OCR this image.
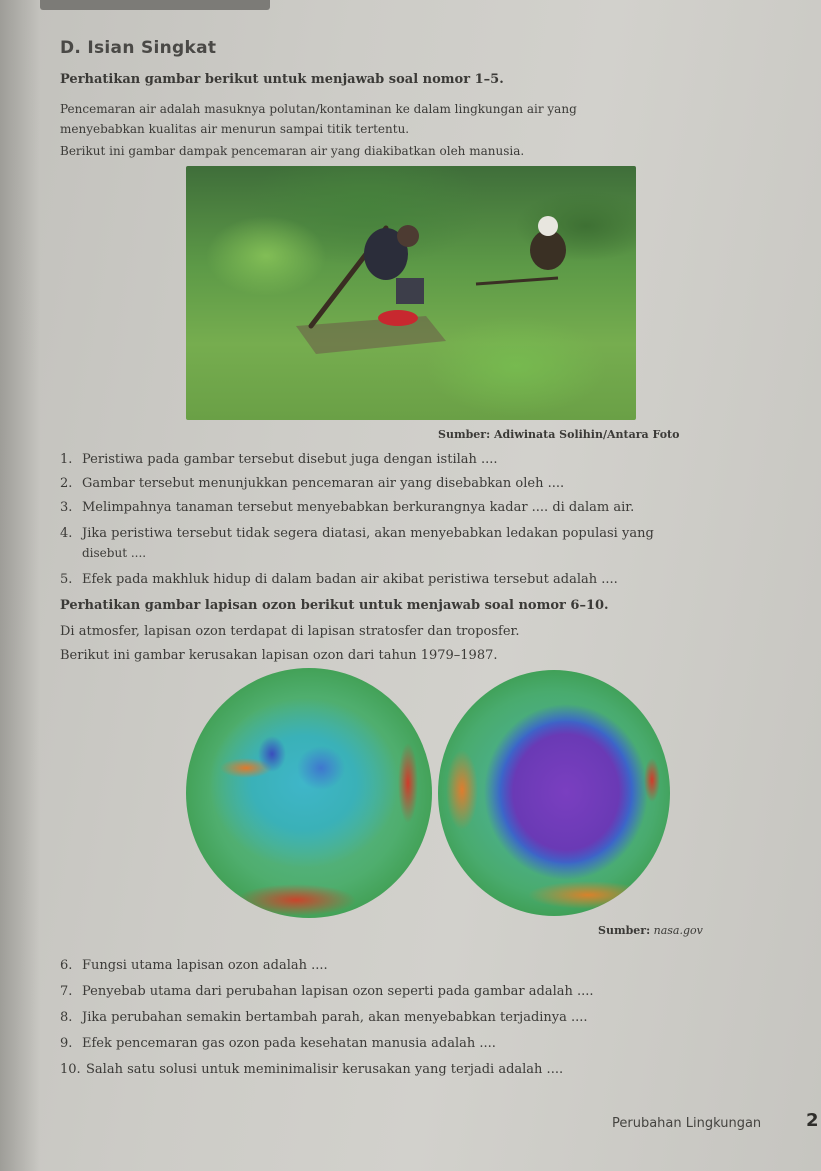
D. Isian Singkat
Perhatikan gambar berikut untuk menjawab soal nomor 1–5.
Pencemaran air adalah masuknya polutan/kontaminan ke dalam lingkungan air yang
menyebabkan kualitas air menurun sampai titik tertentu.
Berikut ini gambar dampak pencemaran air yang diakibatkan oleh manusia.
Sumber: Adiwinata Solihin/Antara Foto
1. Peristiwa pada gambar tersebut disebut juga dengan istilah ....
2. Gambar tersebut menunjukkan pencemaran air yang disebabkan oleh ....
3. Melimpahnya tanaman tersebut menyebabkan berkurangnya kadar .... di dalam air.
4. Jika peristiwa tersebut tidak segera diatasi, akan menyebabkan ledakan populasi yang
disebut ....
5. Efek pada makhluk hidup di dalam badan air akibat peristiwa tersebut adalah ....
Perhatikan gambar lapisan ozon berikut untuk menjawab soal nomor 6–10.
Di atmosfer, lapisan ozon terdapat di lapisan stratosfer dan troposfer.
Berikut ini gambar kerusakan lapisan ozon dari tahun 1979–1987.
Sumber: nasa.gov
6. Fungsi utama lapisan ozon adalah ....
7. Penyebab utama dari perubahan lapisan ozon seperti pada gambar adalah ....
8. Jika perubahan semakin bertambah parah, akan menyebabkan terjadinya ....
9. Efek pencemaran gas ozon pada kesehatan manusia adalah ....
10. Salah satu solusi untuk meminimalisir kerusakan yang terjadi adalah ....
Perubahan Lingkungan 2
